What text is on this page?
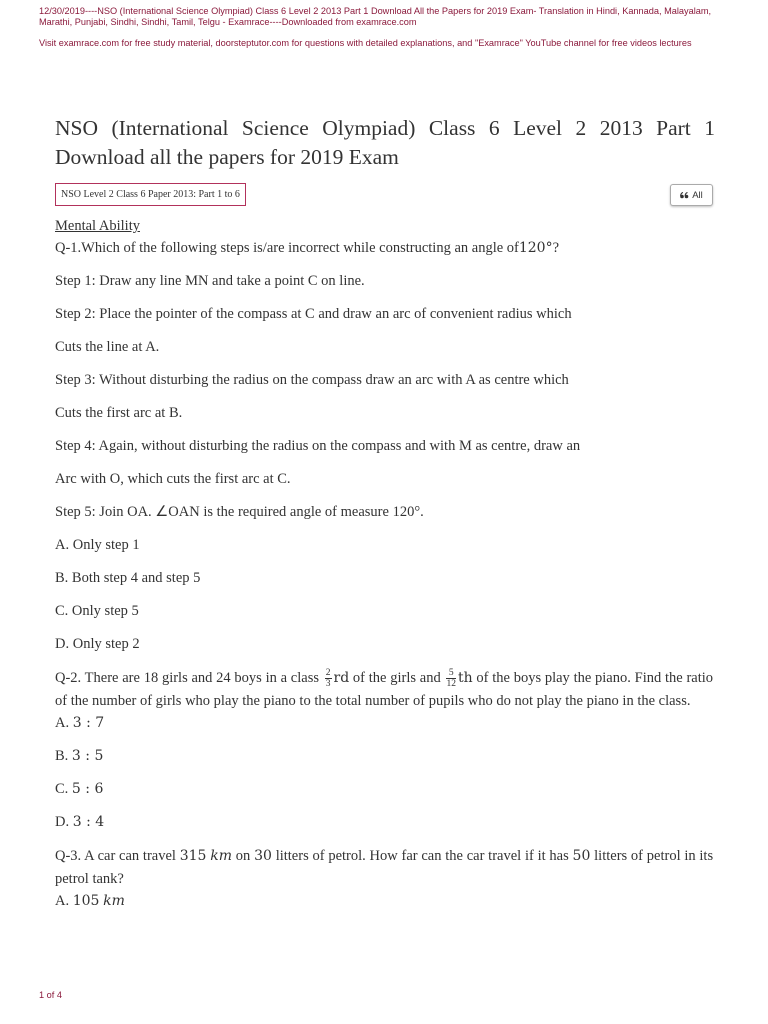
12/30/2019----NSO (International Science Olympiad) Class 6 Level 2 2013 Part 1 Download All the Papers for 2019 Exam- Translation in Hindi, Kannada, Malayalam, Marathi, Punjabi, Sindhi, Sindhi, Tamil, Telgu - Examrace----Downloaded from examrace.com

Visit examrace.com for free study material, doorsteptutor.com for questions with detailed explanations, and "Examrace" YouTube channel for free videos lectures

NSO (International Science Olympiad) Class 6 Level 2 2013 Part 1 Download all the papers for 2019 Exam
NSO Level 2 Class 6 Paper 2013: Part 1 to 6	All

Mental Ability

Q-1.Which of the following steps is/are incorrect while constructing an angle of120°?

Step 1: Draw any line MN and take a point C on line.

Step 2: Place the pointer of the compass at C and draw an arc of convenient radius which

Cuts the line at A.

Step 3: Without disturbing the radius on the compass draw an arc with A as centre which

Cuts the first arc at B.

Step 4: Again, without disturbing the radius on the compass and with M as centre, draw an

Arc with O, which cuts the first arc at C.

Step 5: Join OA. ∠OAN is the required angle of measure 120°.

A. Only step 1

B. Both step 4 and step 5

C. Only step 5

D. Only step 2

Q-2. There are 18 girls and 24 boys in a class $\frac{2}{3}$ rd of the girls and $\frac{5}{12}$ th of the boys play the piano. Find the ratio of the number of girls who play the piano to the total number of pupils who do not play the piano in the class.

A. 3 : 7

B. 3 : 5

C. 5 : 6

D. 3 : 4

Q-3. A car can travel 315 km on 30 litters of petrol. How far can the car travel if it has 50 litters of petrol in its petrol tank?

A. 105 km

1 of 4
